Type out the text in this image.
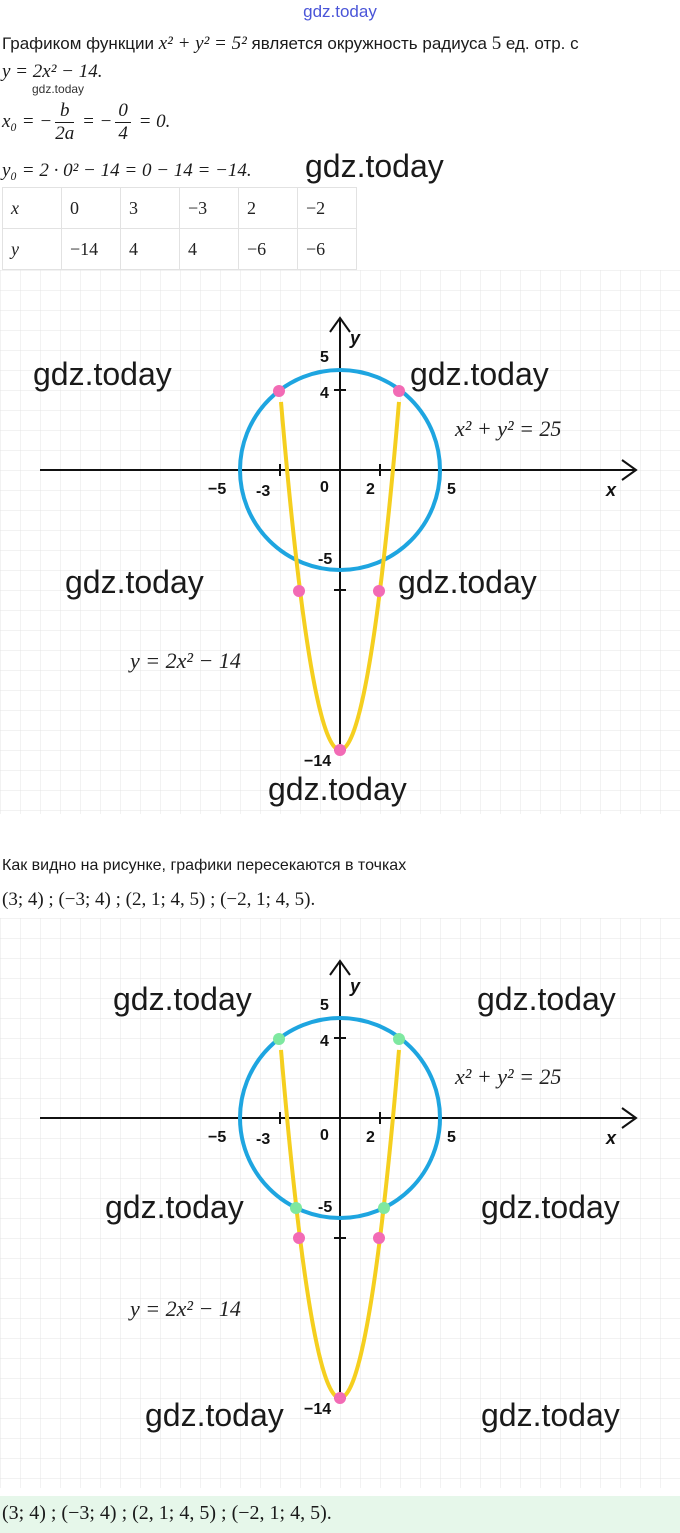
gdz.today
Графиком функции x² + y² = 5² является окружность радиуса 5 ед. отр. с
y = 2x² − 14.
gdz.today
x₀ = − $\frac{b}{2a}$ = − $\frac{0}{4} = 0$.
y₀ = 2 · 0² − 14 = 0 − 14 = −14. gdz.today
x	0	3	−3	2	−2
y	−14	4	4	−6	−6
−5 -3	0 2	5
5
4
-5
−14
x
y
x² + y² = 25
y = 2x² − 14
gdz.today	gdz.today
gdz.today	gdz.today
gdz.today
Как видно на рисунке, графики пересекаются в точках
(3; 4) ; (−3; 4) ; (2, 1; 4, 5) ; (−2, 1; 4, 5).
−5 -3	0 2	5
5
4
-5
−14
x
y
x² + y² = 25
y = 2x² − 14
gdz.today	gdz.today
gdz.today	gdz.today
gdz.today	gdz.today
(3; 4) ; (−3; 4) ; (2, 1; 4, 5) ; (−2, 1; 4, 5).
